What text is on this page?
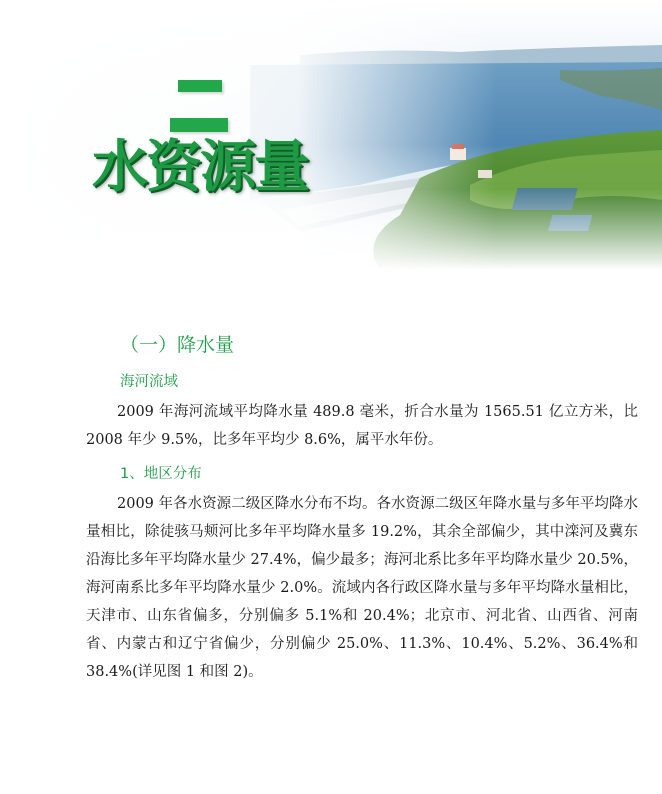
水资源量
（一）降水量
海河流域

2009 年海河流域平均降水量 489.8 毫米，折合水量为 1565.51 亿立方米，比 2008 年少 9.5%，比多年平均少 8.6%，属平水年份。

1、地区分布

2009 年各水资源二级区降水分布不均。各水资源二级区年降水量与多年平均降水量相比，除徒骇马颊河比多年平均降水量多 19.2%，其余全部偏少，其中滦河及冀东沿海比多年平均降水量少 27.4%，偏少最多；海河北系比多年平均降水量少 20.5%，海河南系比多年平均降水量少 2.0%。流域内各行政区降水量与多年平均降水量相比，天津市、山东省偏多，分别偏多 5.1%和 20.4%；北京市、河北省、山西省、河南省、内蒙古和辽宁省偏少，分别偏少 25.0%、11.3%、10.4%、5.2%、36.4%和 38.4%(详见图 1 和图 2)。
